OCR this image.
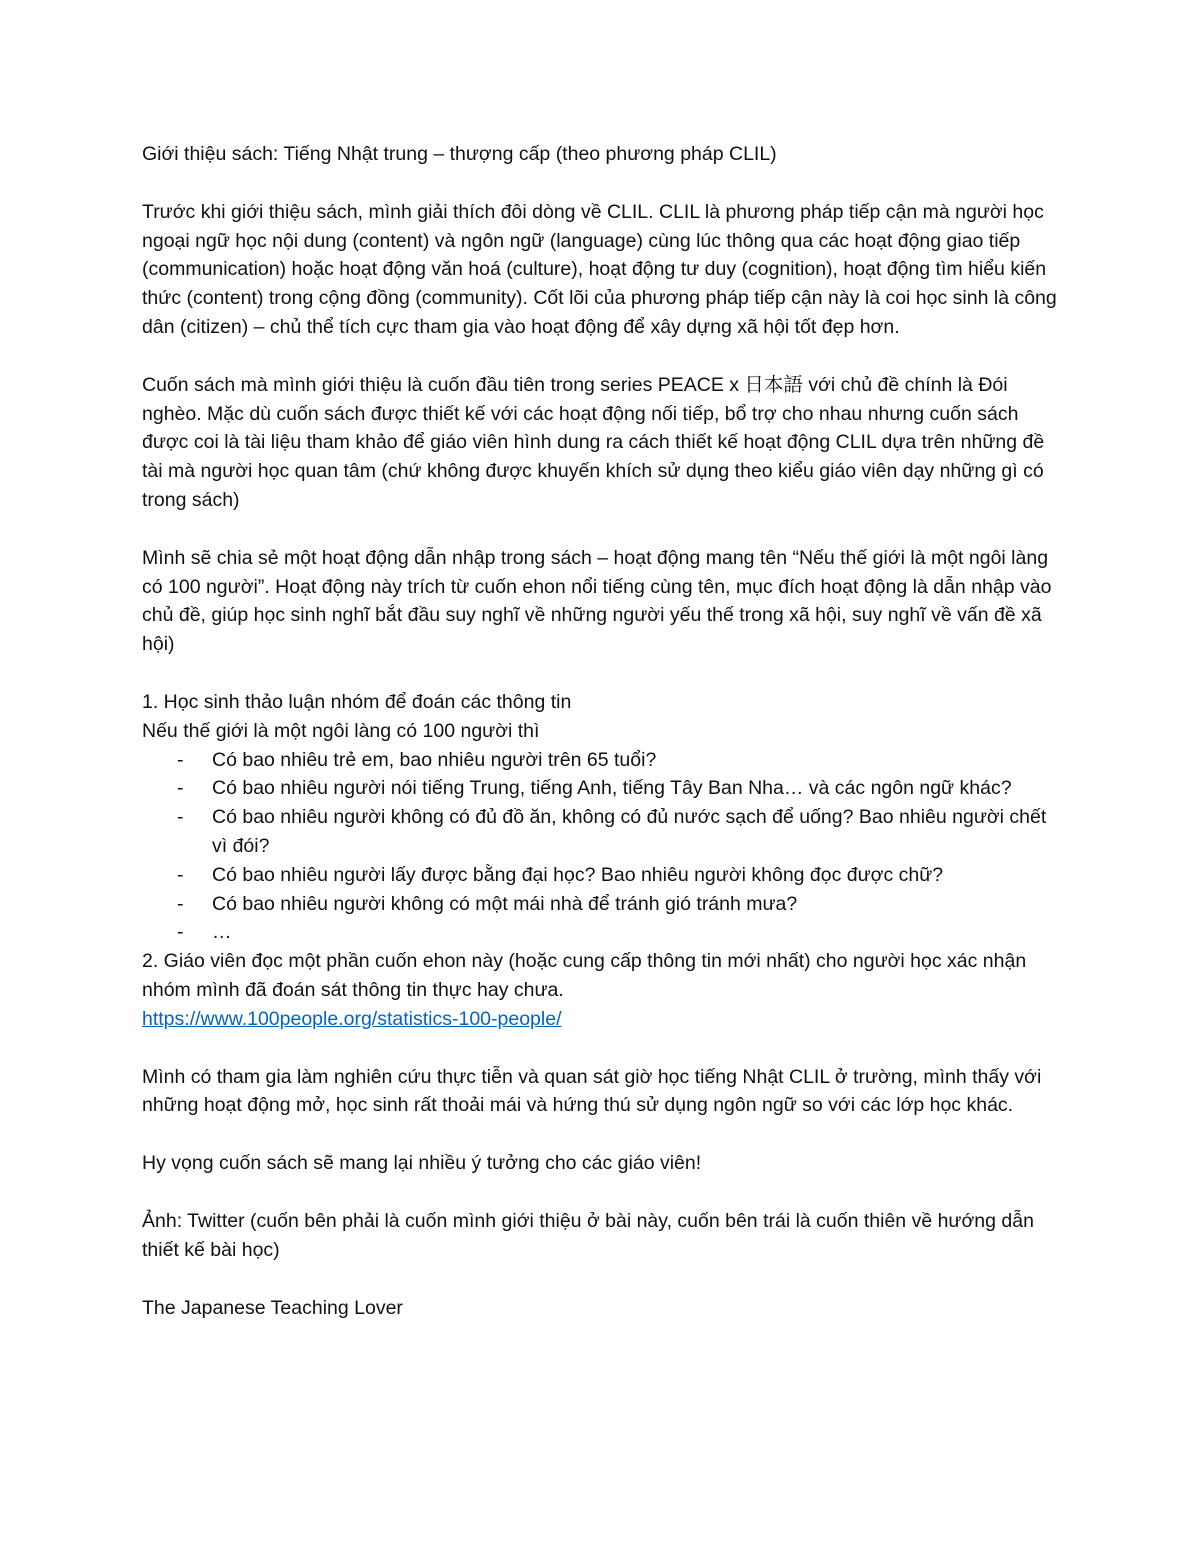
Giới thiệu sách: Tiếng Nhật trung – thượng cấp (theo phương pháp CLIL)

Trước khi giới thiệu sách, mình giải thích đôi dòng về CLIL. CLIL là phương pháp tiếp cận mà người học ngoại ngữ học nội dung (content) và ngôn ngữ (language) cùng lúc thông qua các hoạt động giao tiếp (communication) hoặc hoạt động văn hoá (culture), hoạt động tư duy (cognition), hoạt động tìm hiểu kiến thức (content) trong cộng đồng (community). Cốt lõi của phương pháp tiếp cận này là coi học sinh là công dân (citizen) – chủ thể tích cực tham gia vào hoạt động để xây dựng xã hội tốt đẹp hơn.

Cuốn sách mà mình giới thiệu là cuốn đầu tiên trong series PEACE x 日本語 với chủ đề chính là Đói nghèo. Mặc dù cuốn sách được thiết kế với các hoạt động nối tiếp, bổ trợ cho nhau nhưng cuốn sách được coi là tài liệu tham khảo để giáo viên hình dung ra cách thiết kế hoạt động CLIL dựa trên những đề tài mà người học quan tâm (chứ không được khuyến khích sử dụng theo kiểu giáo viên dạy những gì có trong sách)

Mình sẽ chia sẻ một hoạt động dẫn nhập trong sách – hoạt động mang tên “Nếu thế giới là một ngôi làng có 100 người”. Hoạt động này trích từ cuốn ehon nổi tiếng cùng tên, mục đích hoạt động là dẫn nhập vào chủ đề, giúp học sinh nghĩ bắt đầu suy nghĩ về những người yếu thế trong xã hội, suy nghĩ về vấn đề xã hội)

1. Học sinh thảo luận nhóm để đoán các thông tin

Nếu thế giới là một ngôi làng có 100 người thì

- Có bao nhiêu trẻ em, bao nhiêu người trên 65 tuổi?
- Có bao nhiêu người nói tiếng Trung, tiếng Anh, tiếng Tây Ban Nha… và các ngôn ngữ khác?
- Có bao nhiêu người không có đủ đồ ăn, không có đủ nước sạch để uống? Bao nhiêu người chết vì đói?
- Có bao nhiêu người lấy được bằng đại học? Bao nhiêu người không đọc được chữ?
- Có bao nhiêu người không có một mái nhà để tránh gió tránh mưa?
- …

2. Giáo viên đọc một phần cuốn ehon này (hoặc cung cấp thông tin mới nhất) cho người học xác nhận nhóm mình đã đoán sát thông tin thực hay chưa.

https://www.100people.org/statistics-100-people/

Mình có tham gia làm nghiên cứu thực tiễn và quan sát giờ học tiếng Nhật CLIL ở trường, mình thấy với những hoạt động mở, học sinh rất thoải mái và hứng thú sử dụng ngôn ngữ so với các lớp học khác.

Hy vọng cuốn sách sẽ mang lại nhiều ý tưởng cho các giáo viên!

Ảnh: Twitter (cuốn bên phải là cuốn mình giới thiệu ở bài này, cuốn bên trái là cuốn thiên về hướng dẫn thiết kế bài học)

The Japanese Teaching Lover
